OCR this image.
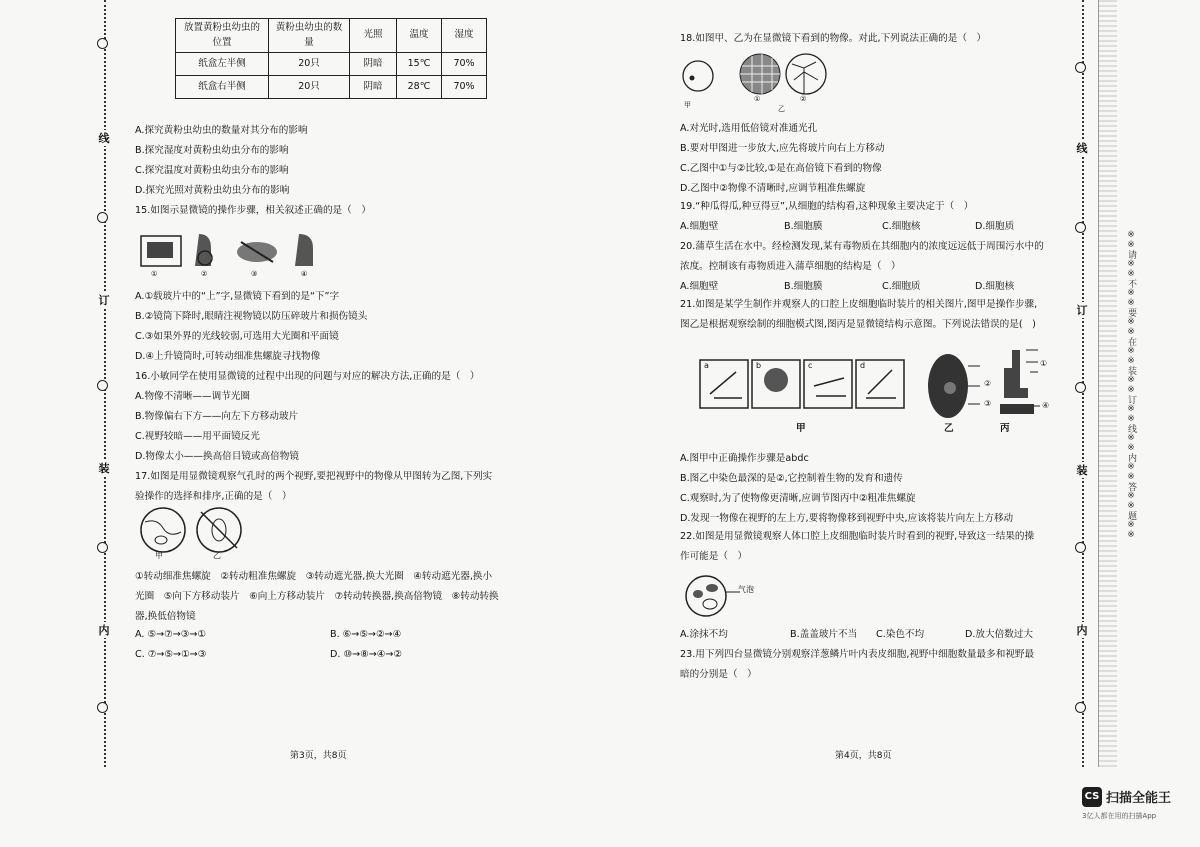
线
订
装
内
线
订
装
内
※※请※※不※※要※※在※※装※※订※※线※※内※※答※※题※※
放置黄粉虫幼虫的位置	黄粉虫幼虫的数量	光照	温度	湿度
纸盒左半侧	20只	阴暗	15℃	70%
纸盒右半侧	20只	阴暗	28℃	70%
A.探究黄粉虫幼虫的数量对其分布的影响
B.探究湿度对黄粉虫幼虫分布的影响
C.探究温度对黄粉虫幼虫分布的影响
D.探究光照对黄粉虫幼虫分布的影响
15.如图示显微镜的操作步骤，相关叙述正确的是（　）
①	②	③	④
A.①载玻片中的“上”字,显微镜下看到的是“下”字
B.②镜筒下降时,眼睛注视物镜以防压碎玻片和损伤镜头
C.③如果外界的光线较弱,可选用大光圈和平面镜
D.④上升镜筒时,可转动细准焦螺旋寻找物像
16.小敏同学在使用显微镜的过程中出现的问题与对应的解决方法,正确的是（　）
A.物像不清晰——调节光圈
B.物像偏右下方——向左下方移动玻片
C.视野较暗——用平面镜反光
D.物像太小——换高倍目镜或高倍物镜
17.如图是用显微镜观察气孔时的两个视野,要把视野中的物像从甲图转为乙图,下列实
验操作的选择和排序,正确的是（　）
甲	乙
①转动细准焦螺旋　②转动粗准焦螺旋　③转动遮光器,换大光圈　④转动遮光器,换小
光圈　⑤向下方移动装片　⑥向上方移动装片　⑦转动转换器,换高倍物镜　⑧转动转换
器,换低倍物镜
A. ⑤→⑦→③→①	B. ⑥→⑤→②→④
C. ⑦→⑤→①→③	D. ⑩→⑧→④→②
第3页，共8页
18.如图甲、乙为在显微镜下看到的物像。对此,下列说法正确的是（　）
甲
①	②
乙
A.对光时,选用低倍镜对准通光孔
B.要对甲图进一步放大,应先将玻片向右上方移动
C.乙图中①与②比较,①是在高倍镜下看到的物像
D.乙图中②物像不清晰时,应调节粗准焦螺旋
19.“种瓜得瓜,种豆得豆”,从细胞的结构看,这种现象主要决定于（　）
A.细胞壁	B.细胞膜	C.细胞核	D.细胞质
20.蒲草生活在水中。经检测发现,某有毒物质在其细胞内的浓度远远低于周围污水中的
浓度。控制该有毒物质进入蒲草细胞的结构是（　）
A.细胞壁	B.细胞膜	C.细胞质	D.细胞核
21.如图是某学生制作并观察人的口腔上皮细胞临时装片的相关图片,图甲是操作步骤,
图乙是根据观察绘制的细胞模式图,图丙是显微镜结构示意图。下列说法错误的是(　)
a	b	c	d	①
②
③	④
甲	乙	丙
A.图甲中正确操作步骤是abdc
B.图乙中染色最深的是②,它控制着生物的发育和遗传
C.观察时,为了使物像更清晰,应调节图丙中②粗准焦螺旋
D.发现一物像在视野的左上方,要将物像移到视野中央,应该将装片向左上方移动
22.如图是用显微镜观察人体口腔上皮细胞临时装片时看到的视野,导致这一结果的操
作可能是（　）
气泡
A.涂抹不均	B.盖盖玻片不当 C.染色不均	D.放大倍数过大
23.用下列四台显微镜分别观察洋葱鳞片叶内表皮细胞,视野中细胞数量最多和视野最
暗的分别是（　）
第4页，共8页
CS 扫描全能王
3亿人都在用的扫描App
